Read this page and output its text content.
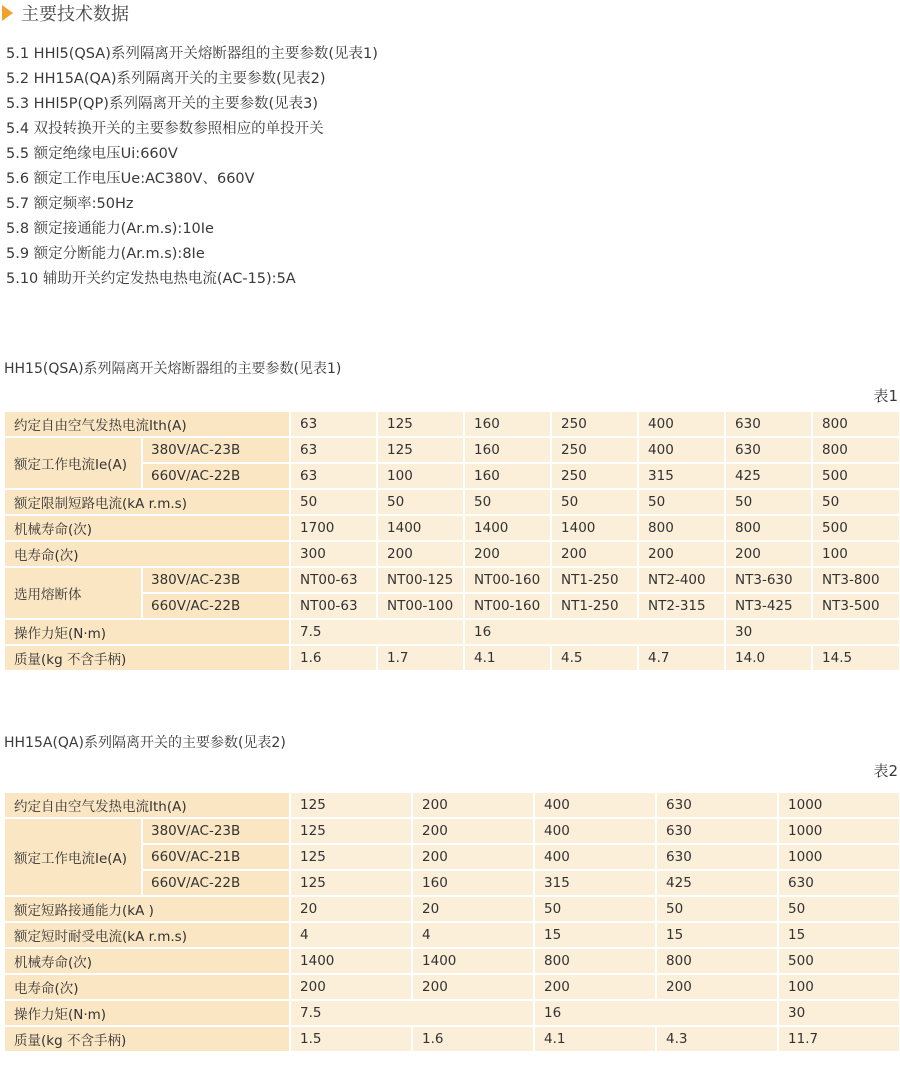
主要技术数据
5.1 HHl5(QSA)系列隔离开关熔断器组的主要参数(见表1)
5.2 HH15A(QA)系列隔离开关的主要参数(见表2)
5.3 HHl5P(QP)系列隔离开关的主要参数(见表3)
5.4 双投转换开关的主要参数参照相应的单投开关
5.5 额定绝缘电压Ui:660V
5.6 额定工作电压Ue:AC380V、660V
5.7 额定频率:50Hz
5.8 额定接通能力(Ar.m.s):10Ie
5.9 额定分断能力(Ar.m.s):8Ie
5.10 辅助开关约定发热电热电流(AC-15):5A
HH15(QSA)系列隔离开关熔断器组的主要参数(见表1)
表1
约定自由空气发热电流Ith(A)		63	125	160	250	400	630	800
额定工作电流Ie(A)	380V/AC-23B	63	125	160	250	400	630	800
	660V/AC-22B	63	100	160	250	315	425	500
额定限制短路电流(kA r.m.s)		50	50	50	50	50	50	50
机械寿命(次)		1700	1400	1400	1400	800	800	500
电寿命(次)		300	200	200	200	200	200	100
选用熔断体	380V/AC-23B	NT00-63	NT00-125	NT00-160	NT1-250	NT2-400	NT3-630	NT3-800
	660V/AC-22B	NT00-63	NT00-100	NT00-160	NT1-250	NT2-315	NT3-425	NT3-500
操作力矩(N·m)		7.5		16			30	
质量(kg 不含手柄)		1.6	1.7	4.1	4.5	4.7	14.0	14.5
HH15A(QA)系列隔离开关的主要参数(见表2)
表2
约定自由空气发热电流Ith(A)		125	200	400	630	1000
额定工作电流Ie(A)	380V/AC-23B	125	200	400	630	1000
	660V/AC-21B	125	200	400	630	1000
	660V/AC-22B	125	160	315	425	630
额定短路接通能力(kA )		20	20	50	50	50
额定短时耐受电流(kA r.m.s)		4	4	15	15	15
机械寿命(次)		1400	1400	800	800	500
电寿命(次)		200	200	200	200	100
操作力矩(N·m)		7.5		16		30
质量(kg 不含手柄)		1.5	1.6	4.1	4.3	11.7
